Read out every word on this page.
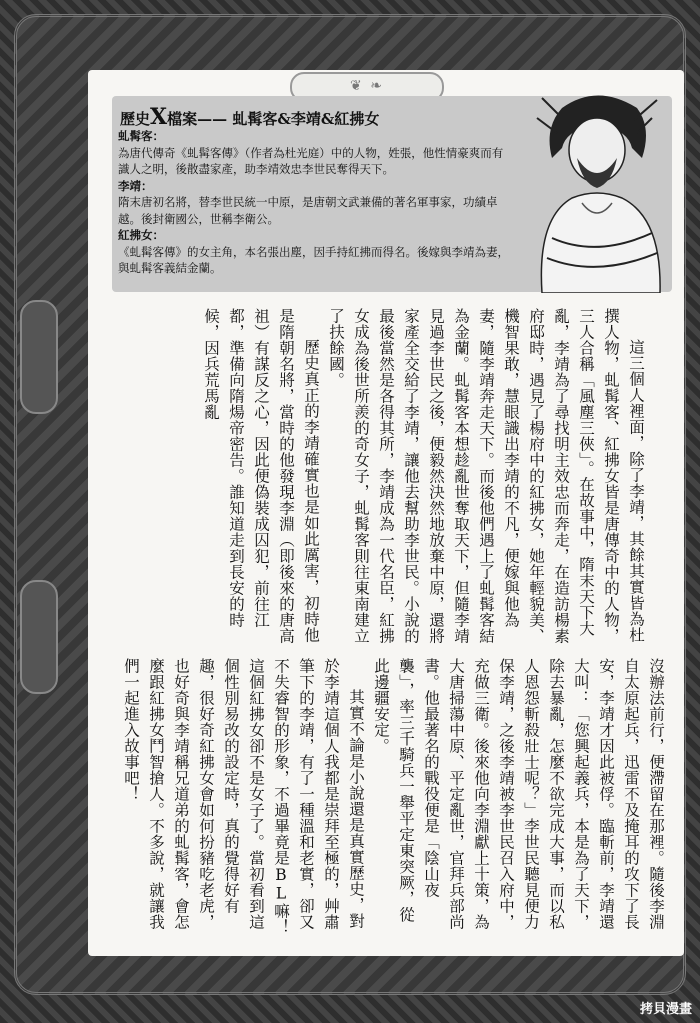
❦ ❧
歷史X檔案—— 虬髯客&李靖&紅拂女
虬髯客：
為唐代傳奇《虬髯客傳》（作者為杜光庭）中的人物，姓張，他性情豪爽而有識人之明，後散盡家產，助李靖效忠李世民奪得天下。
李靖：
隋末唐初名將，替李世民統一中原，是唐朝文武兼備的著名軍事家，功績卓越。後封衛國公，世稱李衛公。
紅拂女：
《虬髯客傳》的女主角，本名張出塵，因手持紅拂而得名。後嫁與李靖為妻，與虬髯客義結金蘭。

這三個人裡面，除了李靖，其餘其實皆為杜撰人物，虬髯客、紅拂女皆是唐傳奇中的人物，三人合稱「風塵三俠」。在故事中，隋末天下大亂，李靖為了尋找明主效忠而奔走，在造訪楊素府邸時，遇見了楊府中的紅拂女，她年輕貌美、機智果敢，慧眼識出李靖的不凡，便嫁與他為妻，隨李靖奔走天下。而後他們遇上了虬髯客結為金蘭。虬髯客本想趁亂世奪取天下，但隨李靖見過李世民之後，便毅然決然地放棄中原，還將家產全交給了李靖，讓他去幫助李世民。小說的最後當然是各得其所，李靖成為一代名臣，紅拂女成為後世所羨的奇女子，虬髯客則往東南建立了扶餘國。

歷史真正的李靖確實也是如此厲害，初時他是隋朝名將，當時的他發現李淵（即後來的唐高祖）有謀反之心，因此便偽裝成囚犯，前往江都，準備向隋煬帝密告。誰知道走到長安的時候，因兵荒馬亂

沒辦法前行，便滯留在那裡。隨後李淵自太原起兵，迅雷不及掩耳的攻下了長安，李靖才因此被俘。臨斬前，李靖還大叫：「您興起義兵，本是為了天下，除去暴亂，怎麼不欲完成大事，而以私人恩怨斬殺壯士呢？」李世民聽見便力保李靖，之後李靖被李世民召入府中，充做三衛。後來他向李淵獻上十策，為大唐掃蕩中原、平定亂世，官拜兵部尚書。他最著名的戰役便是「陰山夜襲」，率三千騎兵一舉平定東突厥，從此邊疆安定。

其實不論是小說還是真實歷史，對於李靖這個人我都是崇拜至極的，艸肅筆下的李靖，有了一種溫和老實，卻又不失睿智的形象，不過畢竟是BL嘛！這個紅拂女卻不是女子了。當初看到這個性別易改的設定時，真的覺得好有趣，很好奇紅拂女會如何扮豬吃老虎，也好奇與李靖稱兄道弟的虬髯客，會怎麼跟紅拂女鬥智搶人。不多說，就讓我們一起進入故事吧！

拷貝漫畫
